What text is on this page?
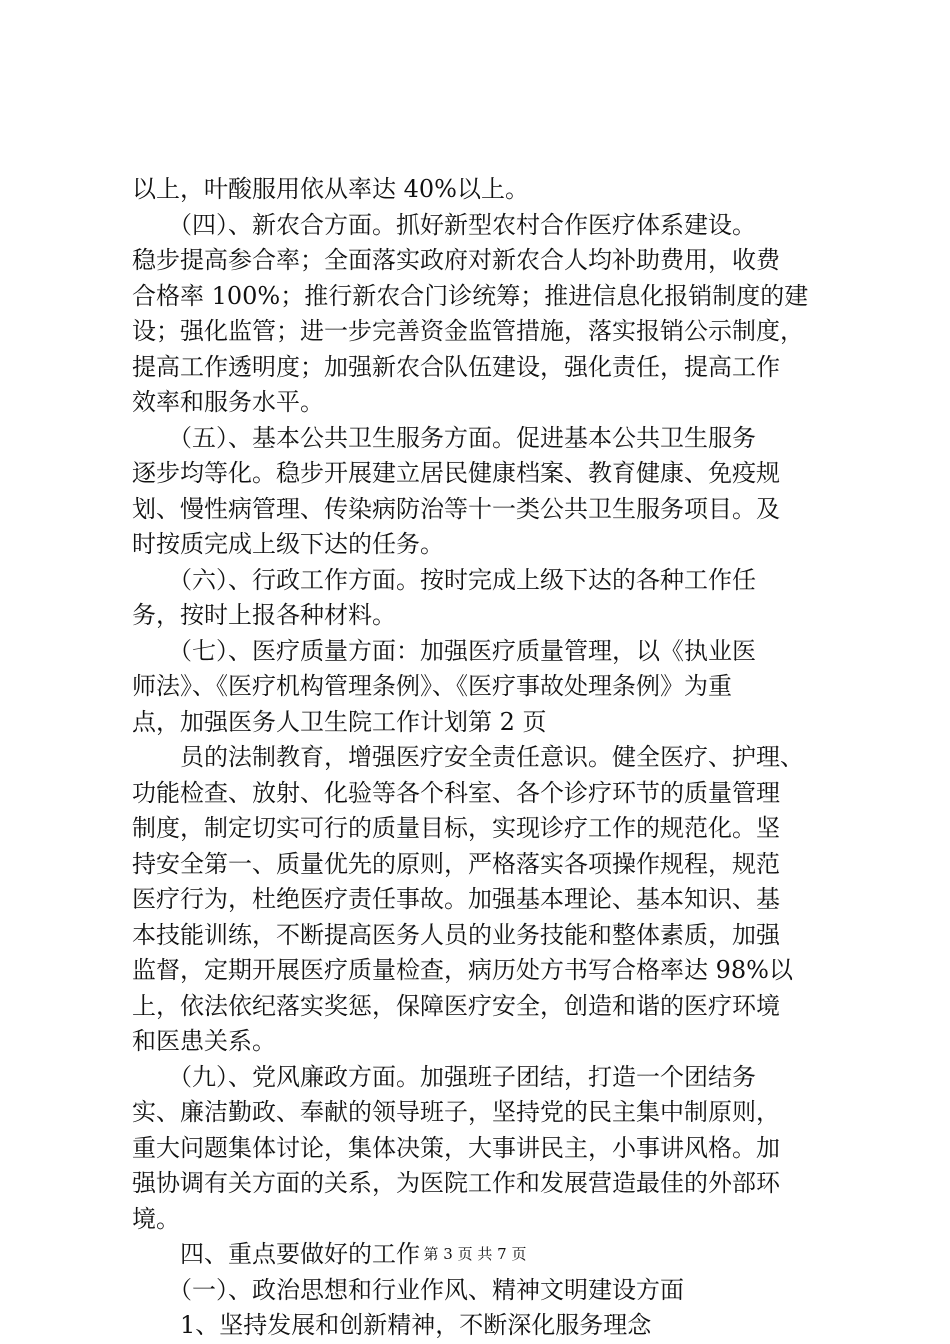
以上，叶酸服用依从率达 40%以上。
　　（四）、新农合方面。抓好新型农村合作医疗体系建设。
稳步提高参合率；全面落实政府对新农合人均补助费用，收费
合格率 100%；推行新农合门诊统筹；推进信息化报销制度的建
设；强化监管；进一步完善资金监管措施，落实报销公示制度，
提高工作透明度；加强新农合队伍建设，强化责任，提高工作
效率和服务水平。
　　（五）、基本公共卫生服务方面。促进基本公共卫生服务
逐步均等化。稳步开展建立居民健康档案、教育健康、免疫规
划、慢性病管理、传染病防治等十一类公共卫生服务项目。及
时按质完成上级下达的任务。
　　（六）、行政工作方面。按时完成上级下达的各种工作任
务，按时上报各种材料。
　　（七）、医疗质量方面：加强医疗质量管理，以《执业医
师法》、《医疗机构管理条例》、《医疗事故处理条例》为重
点，加强医务人卫生院工作计划第 2 页
　　员的法制教育，增强医疗安全责任意识。健全医疗、护理、
功能检查、放射、化验等各个科室、各个诊疗环节的质量管理
制度，制定切实可行的质量目标，实现诊疗工作的规范化。坚
持安全第一、质量优先的原则，严格落实各项操作规程，规范
医疗行为，杜绝医疗责任事故。加强基本理论、基本知识、基
本技能训练，不断提高医务人员的业务技能和整体素质，加强
监督，定期开展医疗质量检查，病历处方书写合格率达 98%以
上，依法依纪落实奖惩，保障医疗安全，创造和谐的医疗环境
和医患关系。
　　（九）、党风廉政方面。加强班子团结，打造一个团结务
实、廉洁勤政、奉献的领导班子，坚持党的民主集中制原则，
重大问题集体讨论，集体决策，大事讲民主，小事讲风格。加
强协调有关方面的关系，为医院工作和发展营造最佳的外部环
境。
　　四、重点要做好的工作
　　（一）、政治思想和行业作风、精神文明建设方面
　　1、坚持发展和创新精神，不断深化服务理念
第 3 页 共 7 页
